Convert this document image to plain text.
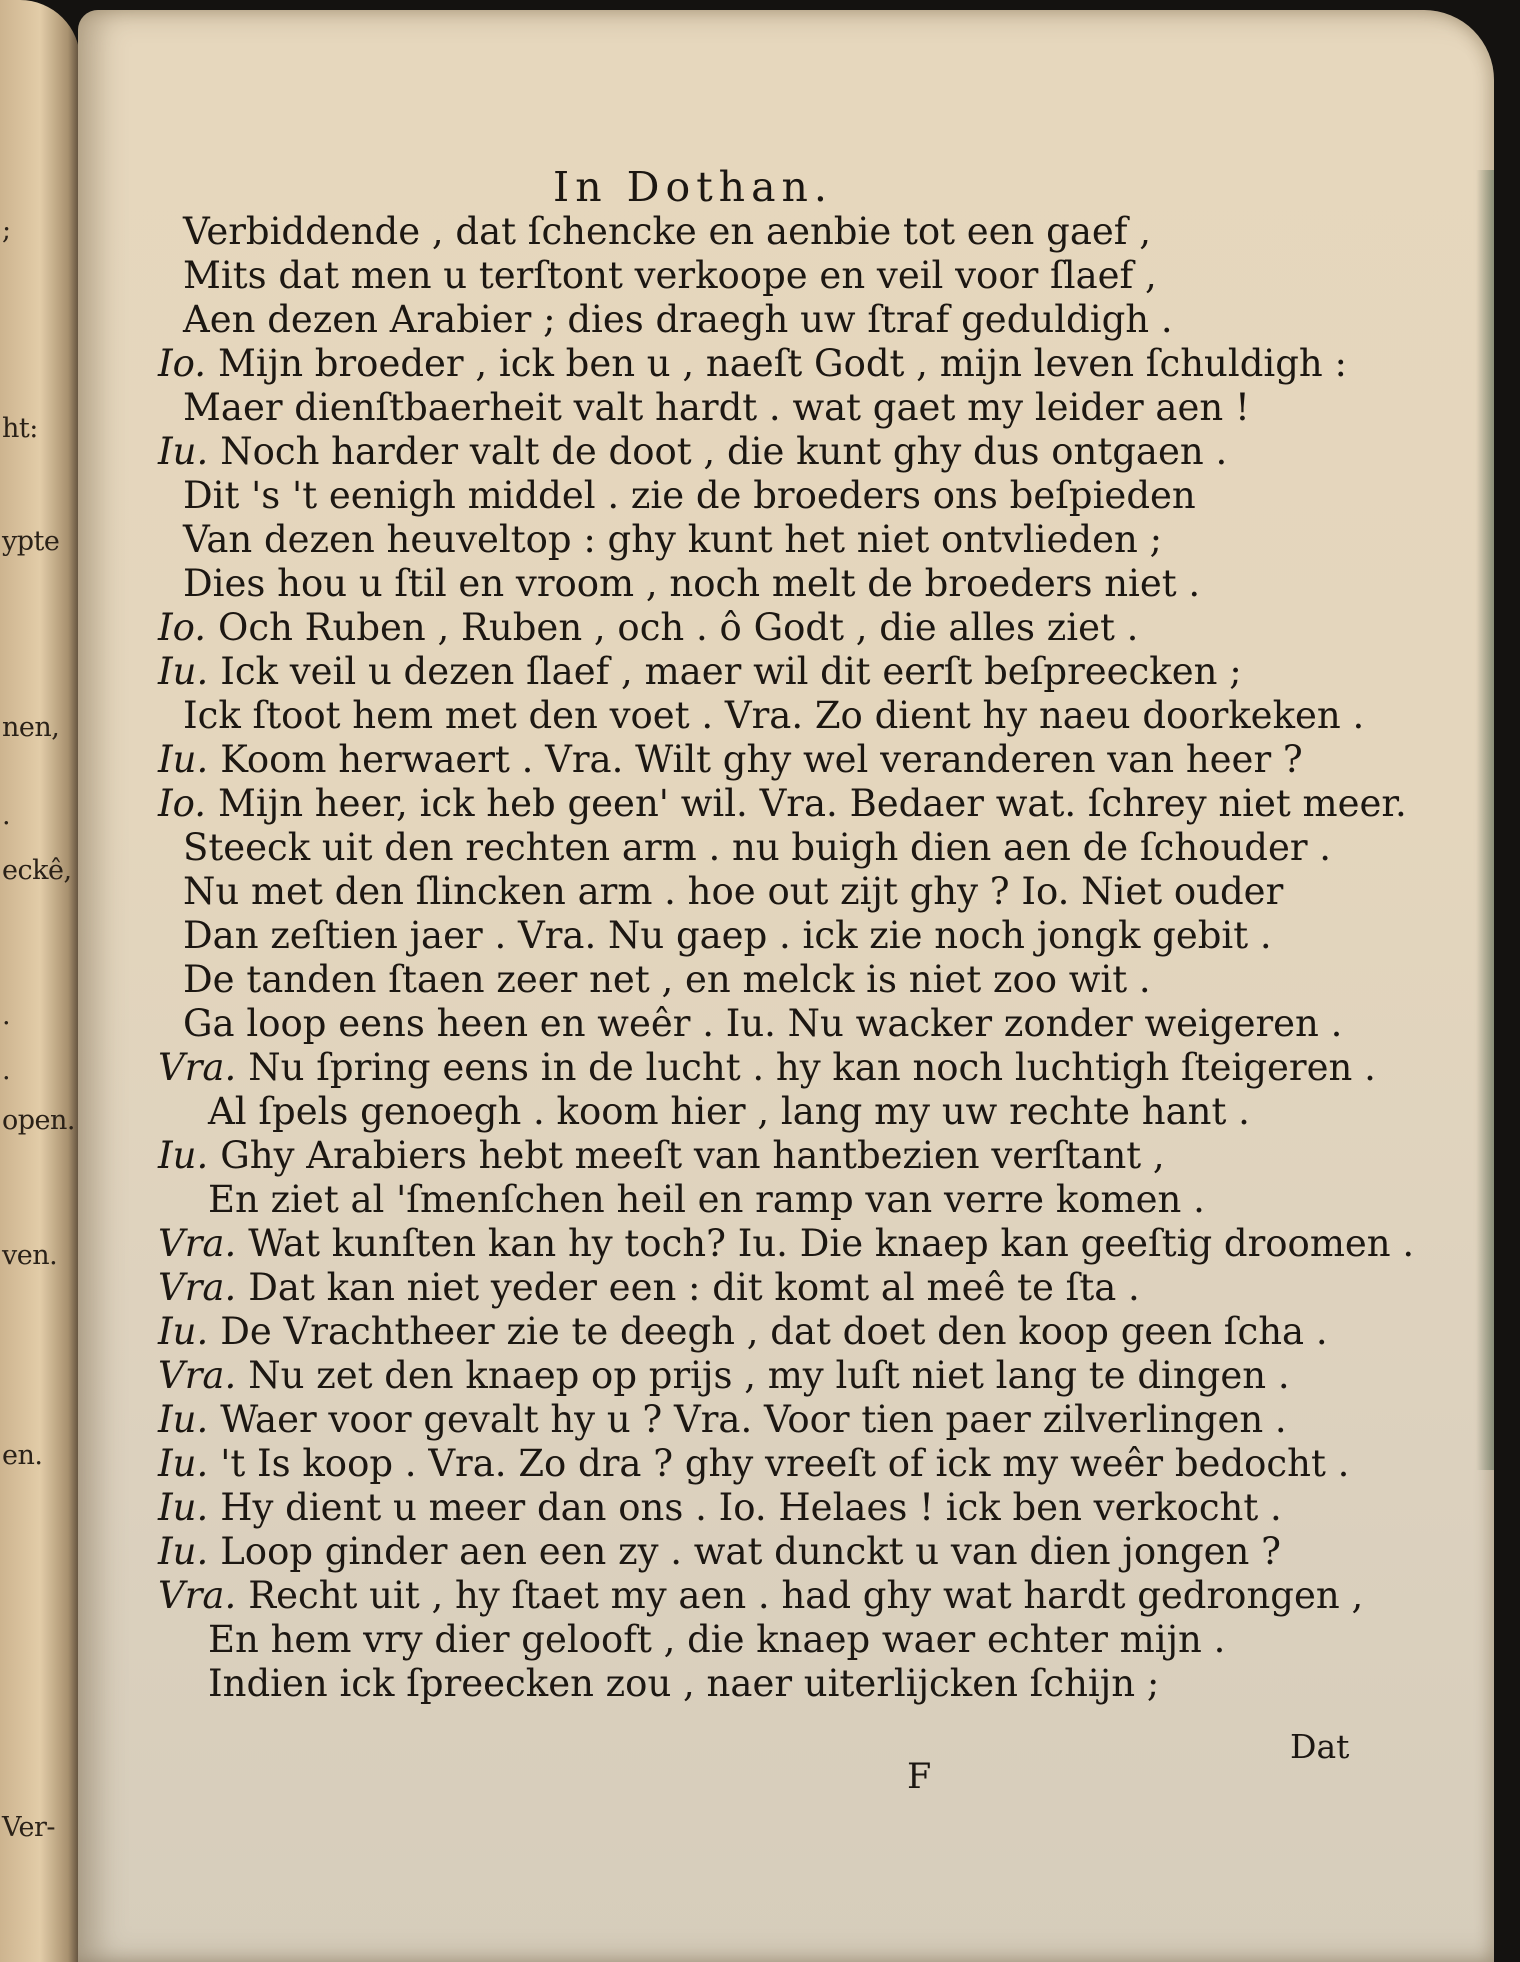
;
ht:
ypte
nen,
.
eckê,
.
.
open.
ven.
en.
Ver-
In Dothan.
Verbiddende , dat ſchencke en aenbie tot een gaef ,
Mits dat men u terſtont verkoope en veil voor ſlaef ,
Aen dezen Arabier ; dies draegh uw ſtraf geduldigh .
Io. Mijn broeder , ick ben u , naeſt Godt , mijn leven ſchuldigh :
Maer dienſtbaerheit valt hardt . wat gaet my leider aen !
Iu. Noch harder valt de doot , die kunt ghy dus ontgaen .
Dit 's 't eenigh middel . zie de broeders ons beſpieden
Van dezen heuveltop : ghy kunt het niet ontvlieden ;
Dies hou u ſtil en vroom , noch melt de broeders niet .
Io. Och Ruben , Ruben , och . ô Godt , die alles ziet .
Iu. Ick veil u dezen ſlaef , maer wil dit eerſt beſpreecken ;
Ick ſtoot hem met den voet . Vra. Zo dient hy naeu doorkeken .
Iu. Koom herwaert . Vra. Wilt ghy wel veranderen van heer ?
Io. Mijn heer, ick heb geen' wil. Vra. Bedaer wat. ſchrey niet meer.
Steeck uit den rechten arm . nu buigh dien aen de ſchouder .
Nu met den ſlincken arm . hoe out zijt ghy ? Io. Niet ouder
Dan zeſtien jaer . Vra. Nu gaep . ick zie noch jongk gebit .
De tanden ſtaen zeer net , en melck is niet zoo wit .
Ga loop eens heen en weêr . Iu. Nu wacker zonder weigeren .
Vra. Nu ſpring eens in de lucht . hy kan noch luchtigh ſteigeren .
Al ſpels genoegh . koom hier , lang my uw rechte hant .
Iu. Ghy Arabiers hebt meeſt van hantbezien verſtant ,
En ziet al 'ſmenſchen heil en ramp van verre komen .
Vra. Wat kunſten kan hy toch? Iu. Die knaep kan geeſtig droomen .
Vra. Dat kan niet yeder een : dit komt al meê te ſta .
Iu. De Vrachtheer zie te deegh , dat doet den koop geen ſcha .
Vra. Nu zet den knaep op prijs , my luſt niet lang te dingen .
Iu. Waer voor gevalt hy u ? Vra. Voor tien paer zilverlingen .
Iu. 't Is koop . Vra. Zo dra ? ghy vreeſt of ick my weêr bedocht .
Iu. Hy dient u meer dan ons . Io. Helaes ! ick ben verkocht .
Iu. Loop ginder aen een zy . wat dunckt u van dien jongen ?
Vra. Recht uit , hy ſtaet my aen . had ghy wat hardt gedrongen ,
En hem vry dier gelooft , die knaep waer echter mijn .
Indien ick ſpreecken zou , naer uiterlijcken ſchijn ;
Dat
F
